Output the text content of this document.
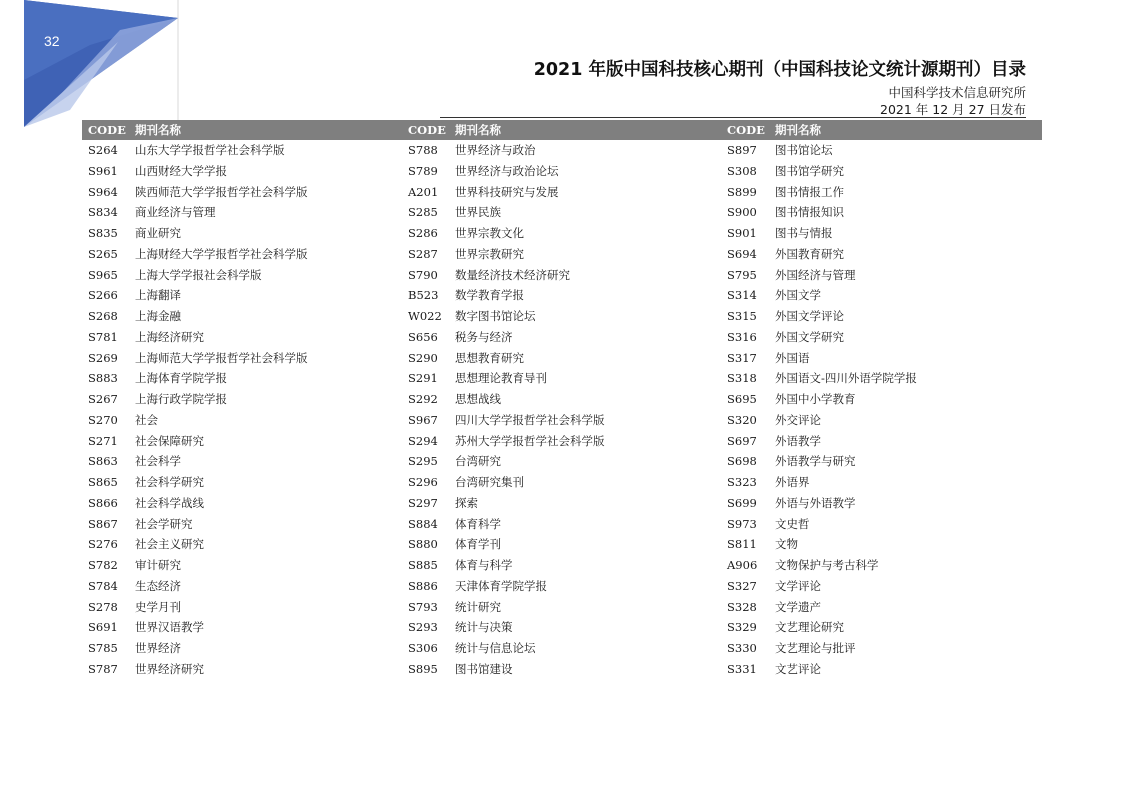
32
2021 年版中国科技核心期刊（中国科技论文统计源期刊）目录
中国科学技术信息研究所
2021 年 12 月 27 日发布
CODE 期刊名称	CODE 期刊名称	CODE 期刊名称
S264 山东大学学报哲学社会科学版	S788 世界经济与政治	S897 图书馆论坛
S961 山西财经大学学报	S789 世界经济与政治论坛	S308 图书馆学研究
S964 陕西师范大学学报哲学社会科学版	A201 世界科技研究与发展	S899 图书情报工作
S834 商业经济与管理	S285 世界民族	S900 图书情报知识
S835 商业研究	S286 世界宗教文化	S901 图书与情报
S265 上海财经大学学报哲学社会科学版	S287 世界宗教研究	S694 外国教育研究
S965 上海大学学报社会科学版	S790 数量经济技术经济研究	S795 外国经济与管理
S266 上海翻译	B523 数学教育学报	S314 外国文学
S268 上海金融	W022 数字图书馆论坛	S315 外国文学评论
S781 上海经济研究	S656 税务与经济	S316 外国文学研究
S269 上海师范大学学报哲学社会科学版	S290 思想教育研究	S317 外国语
S883 上海体育学院学报	S291 思想理论教育导刊	S318 外国语文-四川外语学院学报
S267 上海行政学院学报	S292 思想战线	S695 外国中小学教育
S270 社会	S967 四川大学学报哲学社会科学版	S320 外交评论
S271 社会保障研究	S294 苏州大学学报哲学社会科学版	S697 外语教学
S863 社会科学	S295 台湾研究	S698 外语教学与研究
S865 社会科学研究	S296 台湾研究集刊	S323 外语界
S866 社会科学战线	S297 探索	S699 外语与外语教学
S867 社会学研究	S884 体育科学	S973 文史哲
S276 社会主义研究	S880 体育学刊	S811 文物
S782 审计研究	S885 体育与科学	A906 文物保护与考古科学
S784 生态经济	S886 天津体育学院学报	S327 文学评论
S278 史学月刊	S793 统计研究	S328 文学遗产
S691 世界汉语教学	S293 统计与决策	S329 文艺理论研究
S785 世界经济	S306 统计与信息论坛	S330 文艺理论与批评
S787 世界经济研究	S895 图书馆建设	S331 文艺评论
